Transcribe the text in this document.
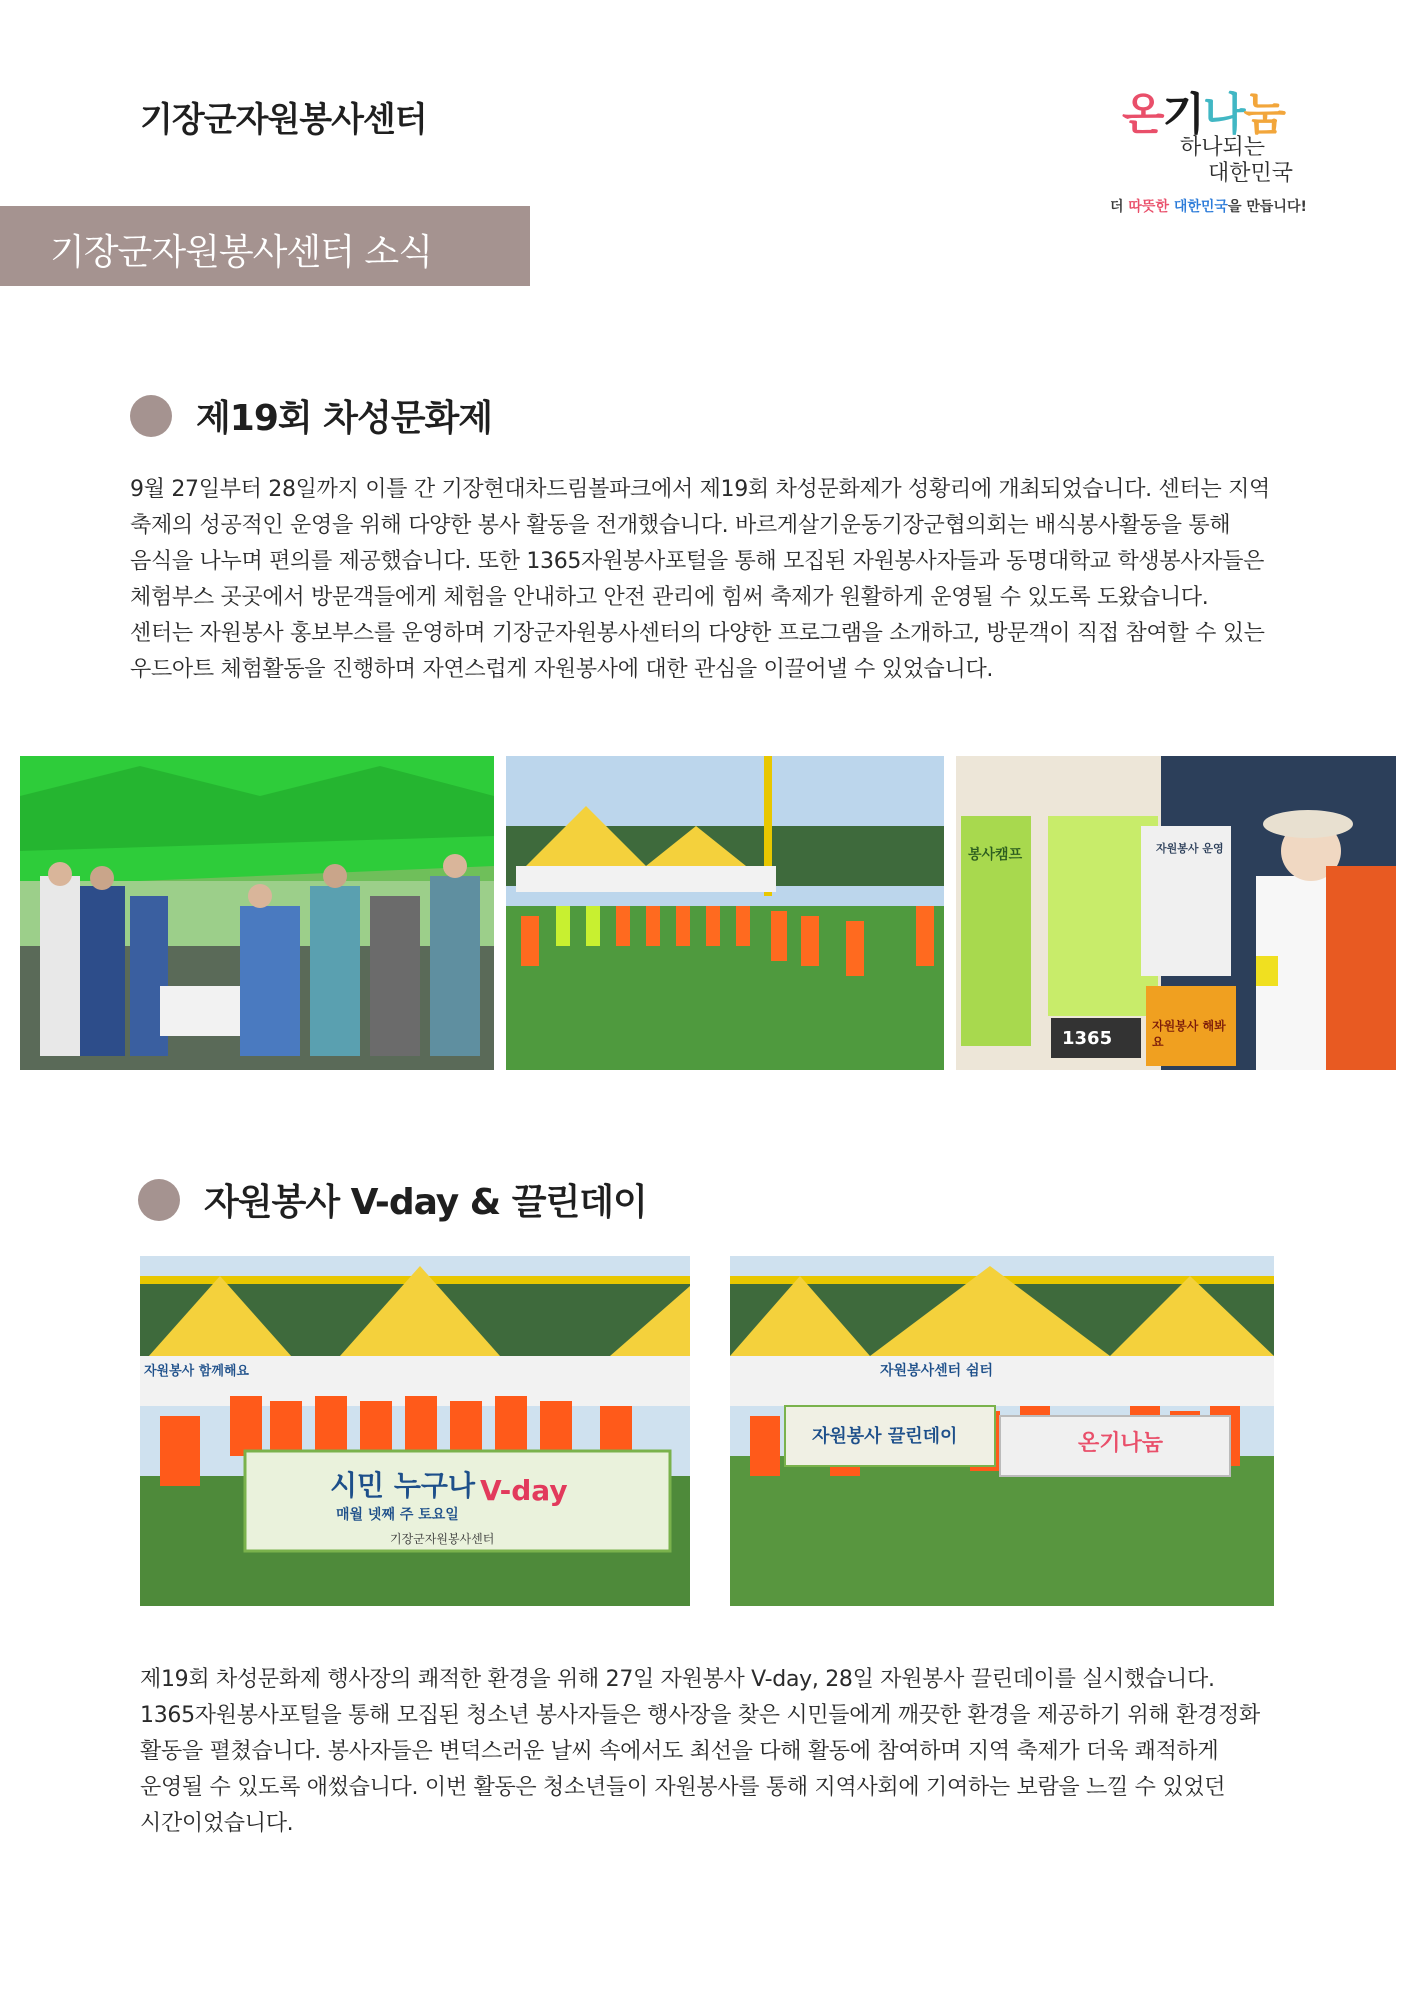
기장군자원봉사센터	온기나눔
하나되는
대한민국
더 따뜻한 대한민국을 만듭니다!
기장군자원봉사센터 소식
제19회 차성문화제
9월 27일부터 28일까지 이틀 간 기장현대차드림볼파크에서 제19회 차성문화제가 성황리에 개최되었습니다. 센터는 지역 축제의 성공적인 운영을 위해 다양한 봉사 활동을 전개했습니다. 바르게살기운동기장군협의회는 배식봉사활동을 통해 음식을 나누며 편의를 제공했습니다. 또한 1365자원봉사포털을 통해 모집된 자원봉사자들과 동명대학교 학생봉사자들은 체험부스 곳곳에서 방문객들에게 체험을 안내하고 안전 관리에 힘써 축제가 원활하게 운영될 수 있도록 도왔습니다. 센터는 자원봉사 홍보부스를 운영하며 기장군자원봉사센터의 다양한 프로그램을 소개하고, 방문객이 직접 참여할 수 있는 우드아트 체험활동을 진행하며 자연스럽게 자원봉사에 대한 관심을 이끌어낼 수 있었습니다.
봉사캠프	자원봉사 운영
1365
자원봉사 해봐요
자원봉사 V-day & 끌린데이
자원봉사 함께해요
시민 누구나 V-day
매월 넷째 주 토요일
기장군자원봉사센터
자원봉사센터 쉼터
자원봉사 끌린데이	온기나눔
제19회 차성문화제 행사장의 쾌적한 환경을 위해 27일 자원봉사 V-day, 28일 자원봉사 끌린데이를 실시했습니다. 1365자원봉사포털을 통해 모집된 청소년 봉사자들은 행사장을 찾은 시민들에게 깨끗한 환경을 제공하기 위해 환경정화 활동을 펼쳤습니다. 봉사자들은 변덕스러운 날씨 속에서도 최선을 다해 활동에 참여하며 지역 축제가 더욱 쾌적하게 운영될 수 있도록 애썼습니다. 이번 활동은 청소년들이 자원봉사를 통해 지역사회에 기여하는 보람을 느낄 수 있었던 시간이었습니다.
